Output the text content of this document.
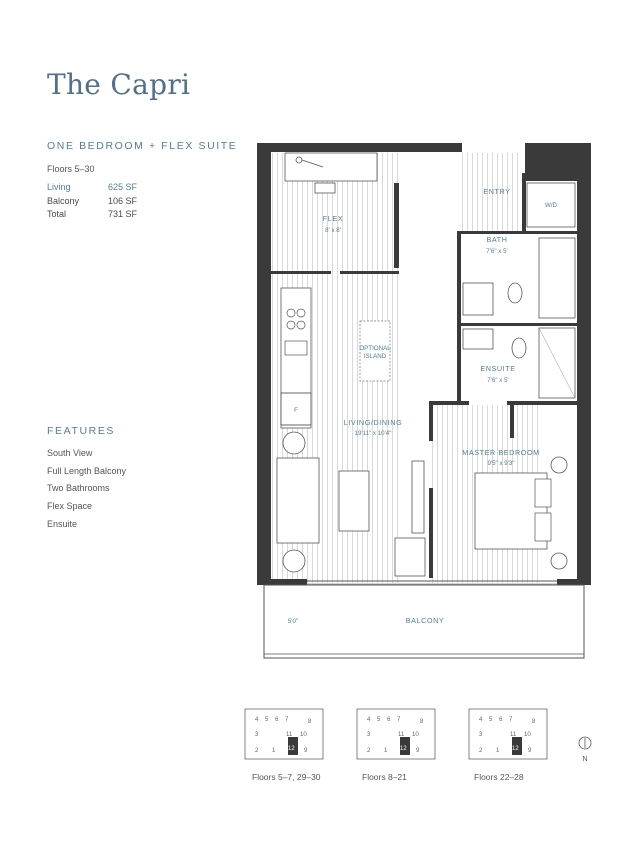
The Capri
ONE BEDROOM + FLEX SUITE
Floors 5–30
Living	625 SF
Balcony	106 SF
Total	731 SF
FEATURES
South View
Full Length Balcony
Two Bathrooms
Flex Space
Ensuite
F
OPTIONAL
ISLAND
W/D
ENTRY
BATH
7'6" x 5'
ENSUITE
7'6" x 5'
FLEX
8' x 8'
LIVING/DINING
19'11" x 10'4"
MASTER BEDROOM
9'5" x 9'3"
BALCONY
5'0"
4 5 6 7	8
3	11 10
2 1 12 9
4 5 6 7	8
3	11 10
2 1 12 9
4 5 6 7	8
3	11 10
2 1 12 9
Floors 5–7, 29–30	Floors 8–21	Floors 22–28
N
